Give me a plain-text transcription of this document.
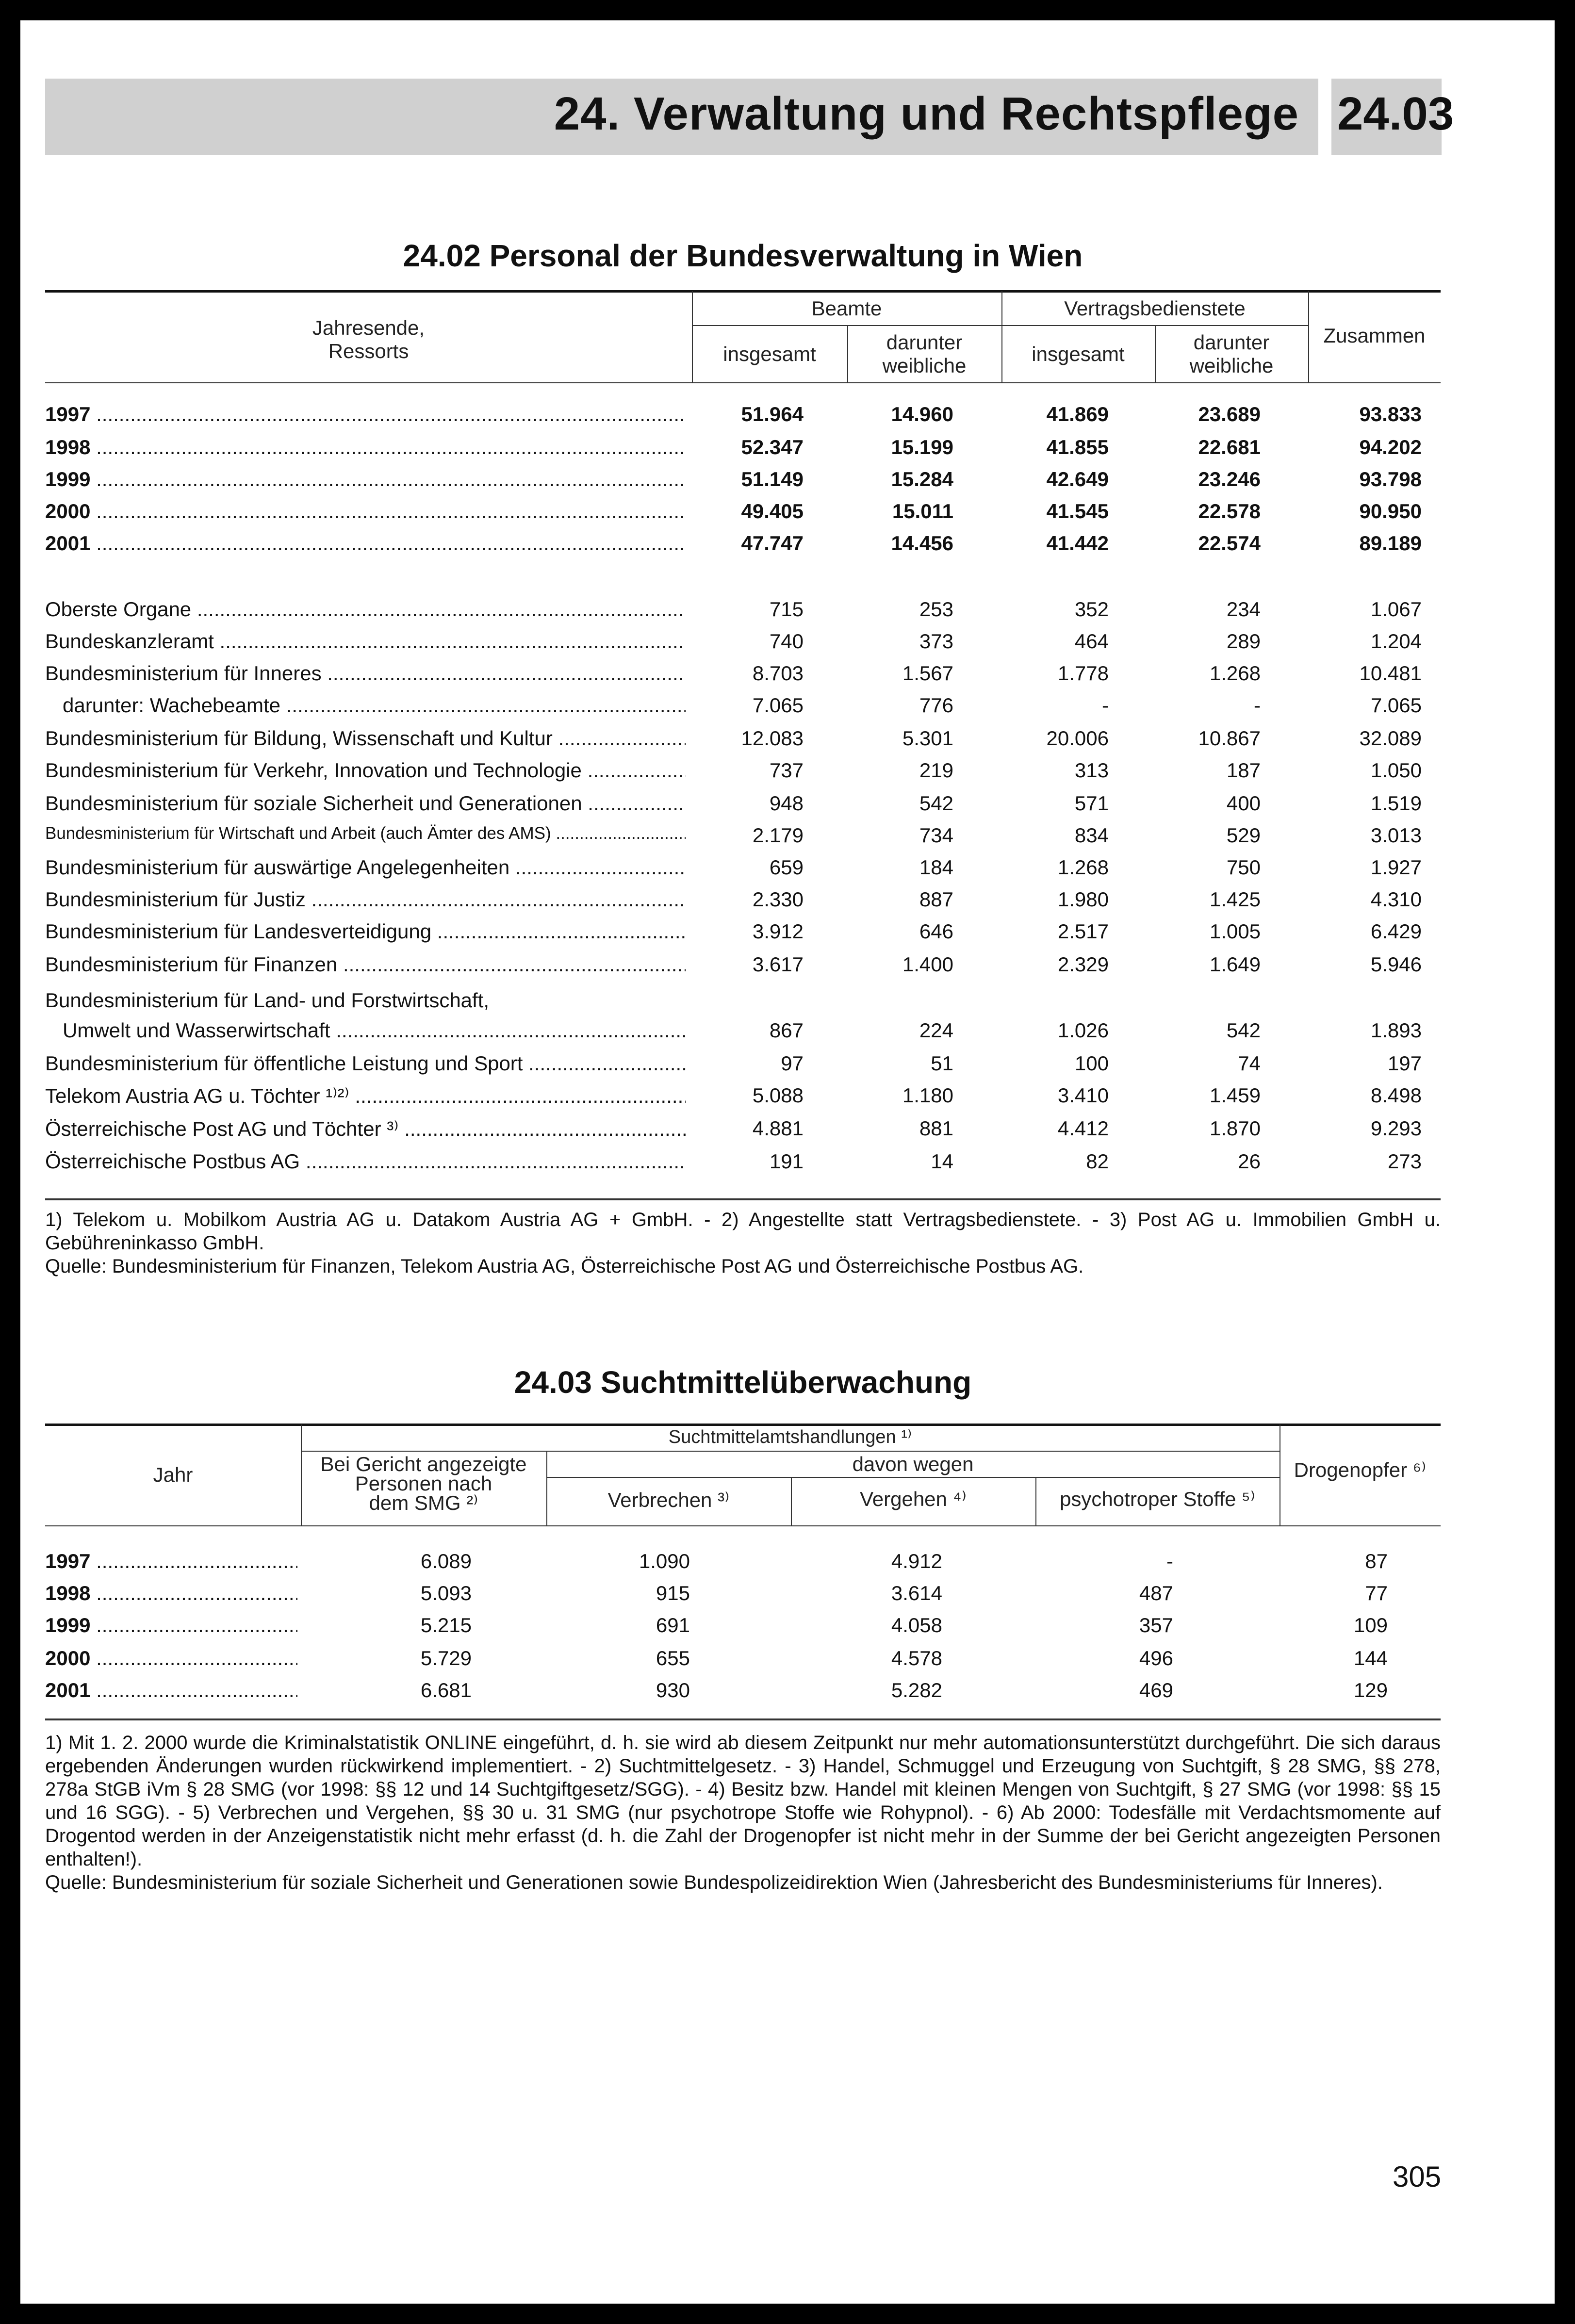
24. Verwaltung und Rechtspflege 24.03
24.02 Personal der Bundesverwaltung in Wien
Jahresende,
Ressorts
Beamte	Vertragsbedienstete
insgesamt
darunter
weibliche
insgesamt
darunter
weibliche
Zusammen
1997 .....	51.964	14.960	41.869	23.689	93.833
1998 .....	52.347	15.199	41.855	22.681	94.202
1999 .....	51.149	15.284	42.649	23.246	93.798
2000 .....	49.405	15.011	41.545	22.578	90.950
2001 .....	47.747	14.456	41.442	22.574	89.189
Oberste Organe .....	715	253	352	234	1.067
Bundeskanzleramt .....	740	373	464	289	1.204
Bundesministerium für Inneres .....	8.703	1.567	1.778	1.268	10.481
darunter: Wachebeamte .....	7.065	776	-	-	7.065
Bundesministerium für Bildung, Wissenschaft und Kultur .....	12.083	5.301	20.006	10.867	32.089
Bundesministerium für Verkehr, Innovation und Technologie .....	737	219	313	187	1.050
Bundesministerium für soziale Sicherheit und Generationen .....	948	542	571	400	1.519
Bundesministerium für Wirtschaft und Arbeit (auch Ämter des AMS) .....	2.179	734	834	529	3.013
Bundesministerium für auswärtige Angelegenheiten .....	659	184	1.268	750	1.927
Bundesministerium für Justiz .....	2.330	887	1.980	1.425	4.310
Bundesministerium für Landesverteidigung .....	3.912	646	2.517	1.005	6.429
Bundesministerium für Finanzen .....	3.617	1.400	2.329	1.649	5.946
Bundesministerium für Land- und Forstwirtschaft,
Umwelt und Wasserwirtschaft .....	867	224	1.026	542	1.893
Bundesministerium für öffentliche Leistung und Sport .....	97	51	100	74	197
Telekom Austria AG u. Töchter ¹⁾²⁾ .....	5.088	1.180	3.410	1.459	8.498
Österreichische Post AG und Töchter ³⁾ .....	4.881	881	4.412	1.870	9.293
Österreichische Postbus AG .....	191	14	82	26	273
1) Telekom u. Mobilkom Austria AG u. Datakom Austria AG + GmbH. - 2) Angestellte statt Vertragsbedienstete. - 3) Post AG u. Immobilien GmbH u. Gebühreninkasso GmbH.
Quelle: Bundesministerium für Finanzen, Telekom Austria AG, Österreichische Post AG und Österreichische Postbus AG.
24.03 Suchtmittelüberwachung
Jahr
Suchtmittelamtshandlungen ¹⁾
Bei Gericht angezeigte
Personen nach
dem SMG ²⁾
davon wegen
Verbrechen ³⁾	Vergehen ⁴⁾	psychotroper Stoffe ⁵⁾
Drogenopfer ⁶⁾
1997 .....	6.089	1.090	4.912	-	87
1998 .....	5.093	915	3.614	487	77
1999 .....	5.215	691	4.058	357	109
2000 .....	5.729	655	4.578	496	144
2001 .....	6.681	930	5.282	469	129
1) Mit 1. 2. 2000 wurde die Kriminalstatistik ONLINE eingeführt, d. h. sie wird ab diesem Zeitpunkt nur mehr automationsunterstützt durchgeführt. Die sich daraus ergebenden Änderungen wurden rückwirkend implementiert. - 2) Suchtmittelgesetz. - 3) Handel, Schmuggel und Erzeugung von Suchtgift, § 28 SMG, §§ 278, 278a StGB iVm § 28 SMG (vor 1998: §§ 12 und 14 Suchtgiftgesetz/SGG). - 4) Besitz bzw. Handel mit kleinen Mengen von Suchtgift, § 27 SMG (vor 1998: §§ 15 und 16 SGG). - 5) Verbrechen und Vergehen, §§ 30 u. 31 SMG (nur psychotrope Stoffe wie Rohypnol). - 6) Ab 2000: Todesfälle mit Verdachtsmomente auf Drogentod werden in der Anzeigenstatistik nicht mehr erfasst (d. h. die Zahl der Drogenopfer ist nicht mehr in der Summe der bei Gericht angezeigten Personen enthalten!).
Quelle: Bundesministerium für soziale Sicherheit und Generationen sowie Bundespolizeidirektion Wien (Jahresbericht des Bundesministeriums für Inneres).
305
